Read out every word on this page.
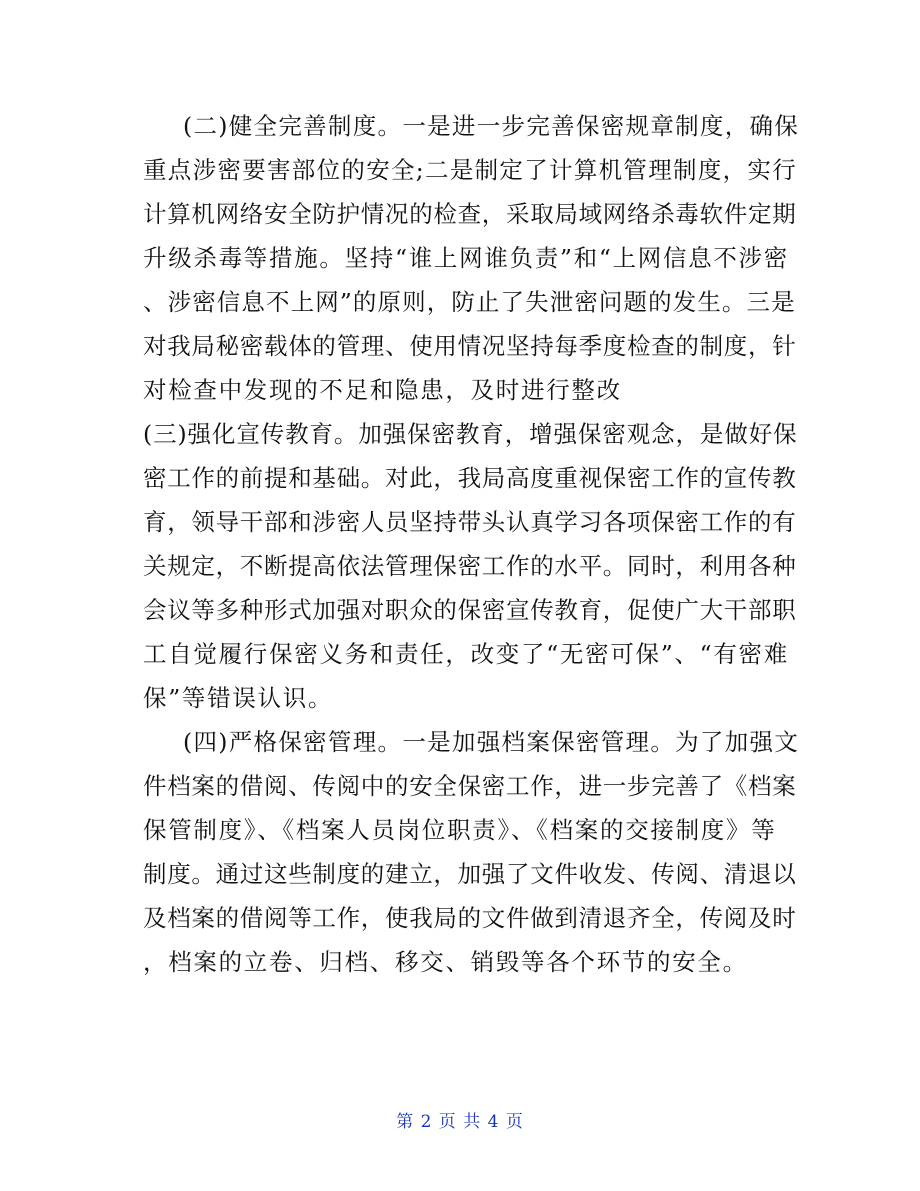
(二)健全完善制度。一是进一步完善保密规章制度，确保
重点涉密要害部位的安全;二是制定了计算机管理制度，实行
计算机网络安全防护情况的检查，采取局域网络杀毒软件定期
升级杀毒等措施。坚持“谁上网谁负责”和“上网信息不涉密
、涉密信息不上网”的原则，防止了失泄密问题的发生。三是
对我局秘密载体的管理、使用情况坚持每季度检查的制度，针
对检查中发现的不足和隐患，及时进行整改
(三)强化宣传教育。加强保密教育，增强保密观念，是做好保
密工作的前提和基础。对此，我局高度重视保密工作的宣传教
育，领导干部和涉密人员坚持带头认真学习各项保密工作的有
关规定，不断提高依法管理保密工作的水平。同时，利用各种
会议等多种形式加强对职众的保密宣传教育，促使广大干部职
工自觉履行保密义务和责任，改变了“无密可保”、“有密难
保”等错误认识。
(四)严格保密管理。一是加强档案保密管理。为了加强文
件档案的借阅、传阅中的安全保密工作，进一步完善了《档案
保管制度》、《档案人员岗位职责》、《档案的交接制度》等
制度。通过这些制度的建立，加强了文件收发、传阅、清退以
及档案的借阅等工作，使我局的文件做到清退齐全，传阅及时
，档案的立卷、归档、移交、销毁等各个环节的安全。
第 2 页 共 4 页
